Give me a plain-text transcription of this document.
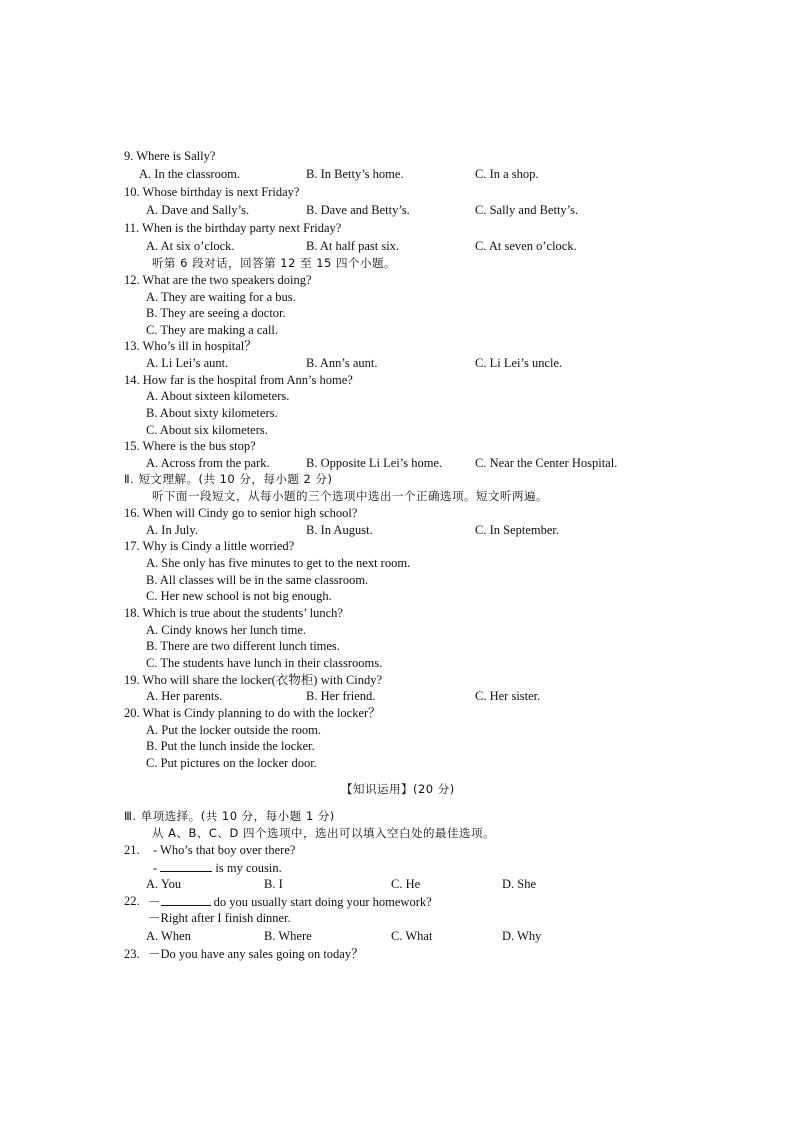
9. Where is Sally?
A. In the classroom.	B. In Betty’s home.	C. In a shop.
10. Whose birthday is next Friday?
A. Dave and Sally’s.	B. Dave and Betty’s.	C. Sally and Betty’s.
11. When is the birthday party next Friday?
A. At six o’clock.	B. At half past six.	C. At seven o’clock.
听第 6 段对话，回答第 12 至 15 四个小题。
12. What are the two speakers doing?
A. They are waiting for a bus.
B. They are seeing a doctor.
C. They are making a call.
13. Who’s ill in hospital？
A. Li Lei’s aunt.	B. Ann’s aunt.	C. Li Lei’s uncle.
14. How far is the hospital from Ann’s home?
A. About sixteen kilometers.
B. About sixty kilometers.
C. About six kilometers.
15. Where is the bus stop?
A. Across from the park.	B. Opposite Li Lei’s home.	C. Near the Center Hospital.
Ⅱ. 短文理解。(共 10 分，每小题 2 分)
听下面一段短文，从每小题的三个选项中选出一个正确选项。短文听两遍。
16. When will Cindy go to senior high school?
A. In July.	B. In August.	C. In September.
17. Why is Cindy a little worried?
A. She only has five minutes to get to the next room.
B. All classes will be in the same classroom.
C. Her new school is not big enough.
18. Which is true about the students’ lunch?
A. Cindy knows her lunch time.
B. There are two different lunch times.
C. The students have lunch in their classrooms.
19. Who will share the locker(衣物柜) with Cindy?
A. Her parents.	B. Her friend.	C. Her sister.
20. What is Cindy planning to do with the locker？
A. Put the locker outside the room.
B. Put the lunch inside the locker.
C. Put pictures on the locker door.
【知识运用】(20 分)
Ⅲ. 单项选择。(共 10 分，每小题 1 分)
从 A、B、C、D 四个选项中，选出可以填入空白处的最佳选项。
21. - Who’s that boy over there?
-	is my cousin.
A. You	B. I	C. He	D. She
22. －	do you usually start doing your homework?
－Right after I finish dinner.
A. When	B. Where	C. What	D. Why
23. －Do you have any sales going on today？
